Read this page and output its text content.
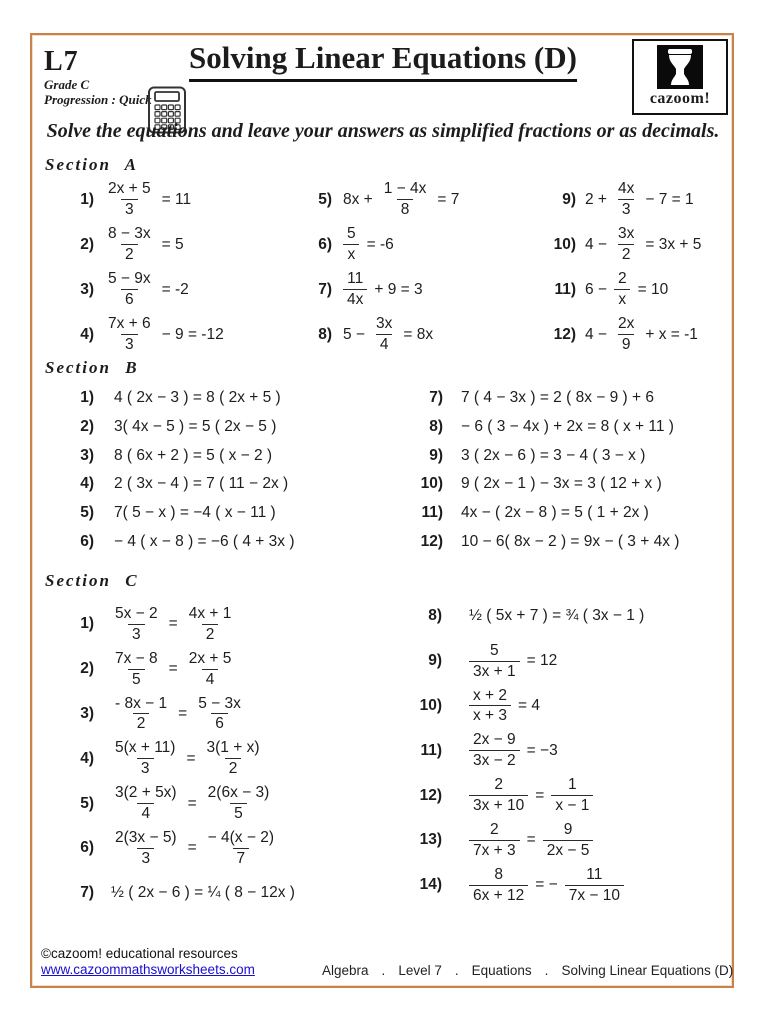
L7
Grade C
Progression : Quick
Solving Linear Equations (D)
cazoom!
Solve the equations and leave your answers as simplified fractions or as decimals.
Section A
Section B
Section C
$1) \frac{2x + 5}{3} = 11$
$2) \frac{8 - 3x}{2} = 5$
$3) \frac{5 - 9x}{6} = -2$
$4) \frac{7x + 6}{3} - 9 = -12$
5) $8x + \frac{1 - 4x}{8} = 7$
$6) \frac{5}{x} = -6$
$7) \frac{11}{4x} + 9 = 3$
8) $5 - \frac{3x}{4} = 8x$
9) $2 + \frac{4x}{3} - 7 = 1$
10) $4 - \frac{3x}{2} = 3x + 5$
11) $6 - \frac{2}{x} = 10$
12) $4 - \frac{2x}{9} + x = -1$
1) 4 ( 2x − 3 ) = 8 ( 2x + 5 )
2) 3( 4x − 5 ) = 5 ( 2x − 5 )
3) 8 ( 6x + 2 ) = 5 ( x − 2 )
4) 2 ( 3x − 4 ) = 7 ( 11 − 2x )
5) 7( 5 − x ) = −4 ( x − 11 )
6) − 4 ( x − 8 ) = −6 ( 4 + 3x )
7) 7 ( 4 − 3x ) = 2 ( 8x − 9 ) + 6
8) − 6 ( 3 − 4x ) + 2x = 8 ( x + 11 )
9) 3 ( 2x − 6 ) = 3 − 4 ( 3 − x )
10) 9 ( 2x − 1 ) − 3x = 3 ( 12 + x )
11) 4x − ( 2x − 8 ) = 5 ( 1 + 2x )
12) 10 − 6( 8x − 2 ) = 9x − ( 3 + 4x )
$1) \frac{5x - 2}{3} = \frac{4x + 1}{2}$
$2) \frac{7x - 8}{5} = \frac{2x + 5}{4}$
$3) \frac{- 8x - 1}{2} = \frac{5 - 3x}{6}$
$4) \frac{5(x + 11)}{3} = \frac{3(1 + x)}{2}$
$5) \frac{3(2 + 5x)}{4} = \frac{2(6x - 3)}{5}$
$6) \frac{2(3x - 5)}{3} = \frac{- 4(x - 2)}{7}$
7) ½ ( 2x − 6 ) = ¼ ( 8 − 12x )
8) ½ ( 5x + 7 ) = ¾ ( 3x − 1 )
$9) \frac{5}{3x + 1} = 12$
$10) \frac{x + 2}{x + 3} = 4$
$11) \frac{2x - 9}{3x - 2} = -3$
$12) \frac{2}{3x + 10} = \frac{1}{x - 1}$
$13) \frac{2}{7x + 3} = \frac{9}{2x - 5}$
$14) \frac{8}{6x + 12}$ = − $\frac{11}{7x - 10}$
©cazoom! educational resources
www.cazoommathsworksheets.com	Algebra . Level 7 . Equations . Solving Linear Equations (D)
